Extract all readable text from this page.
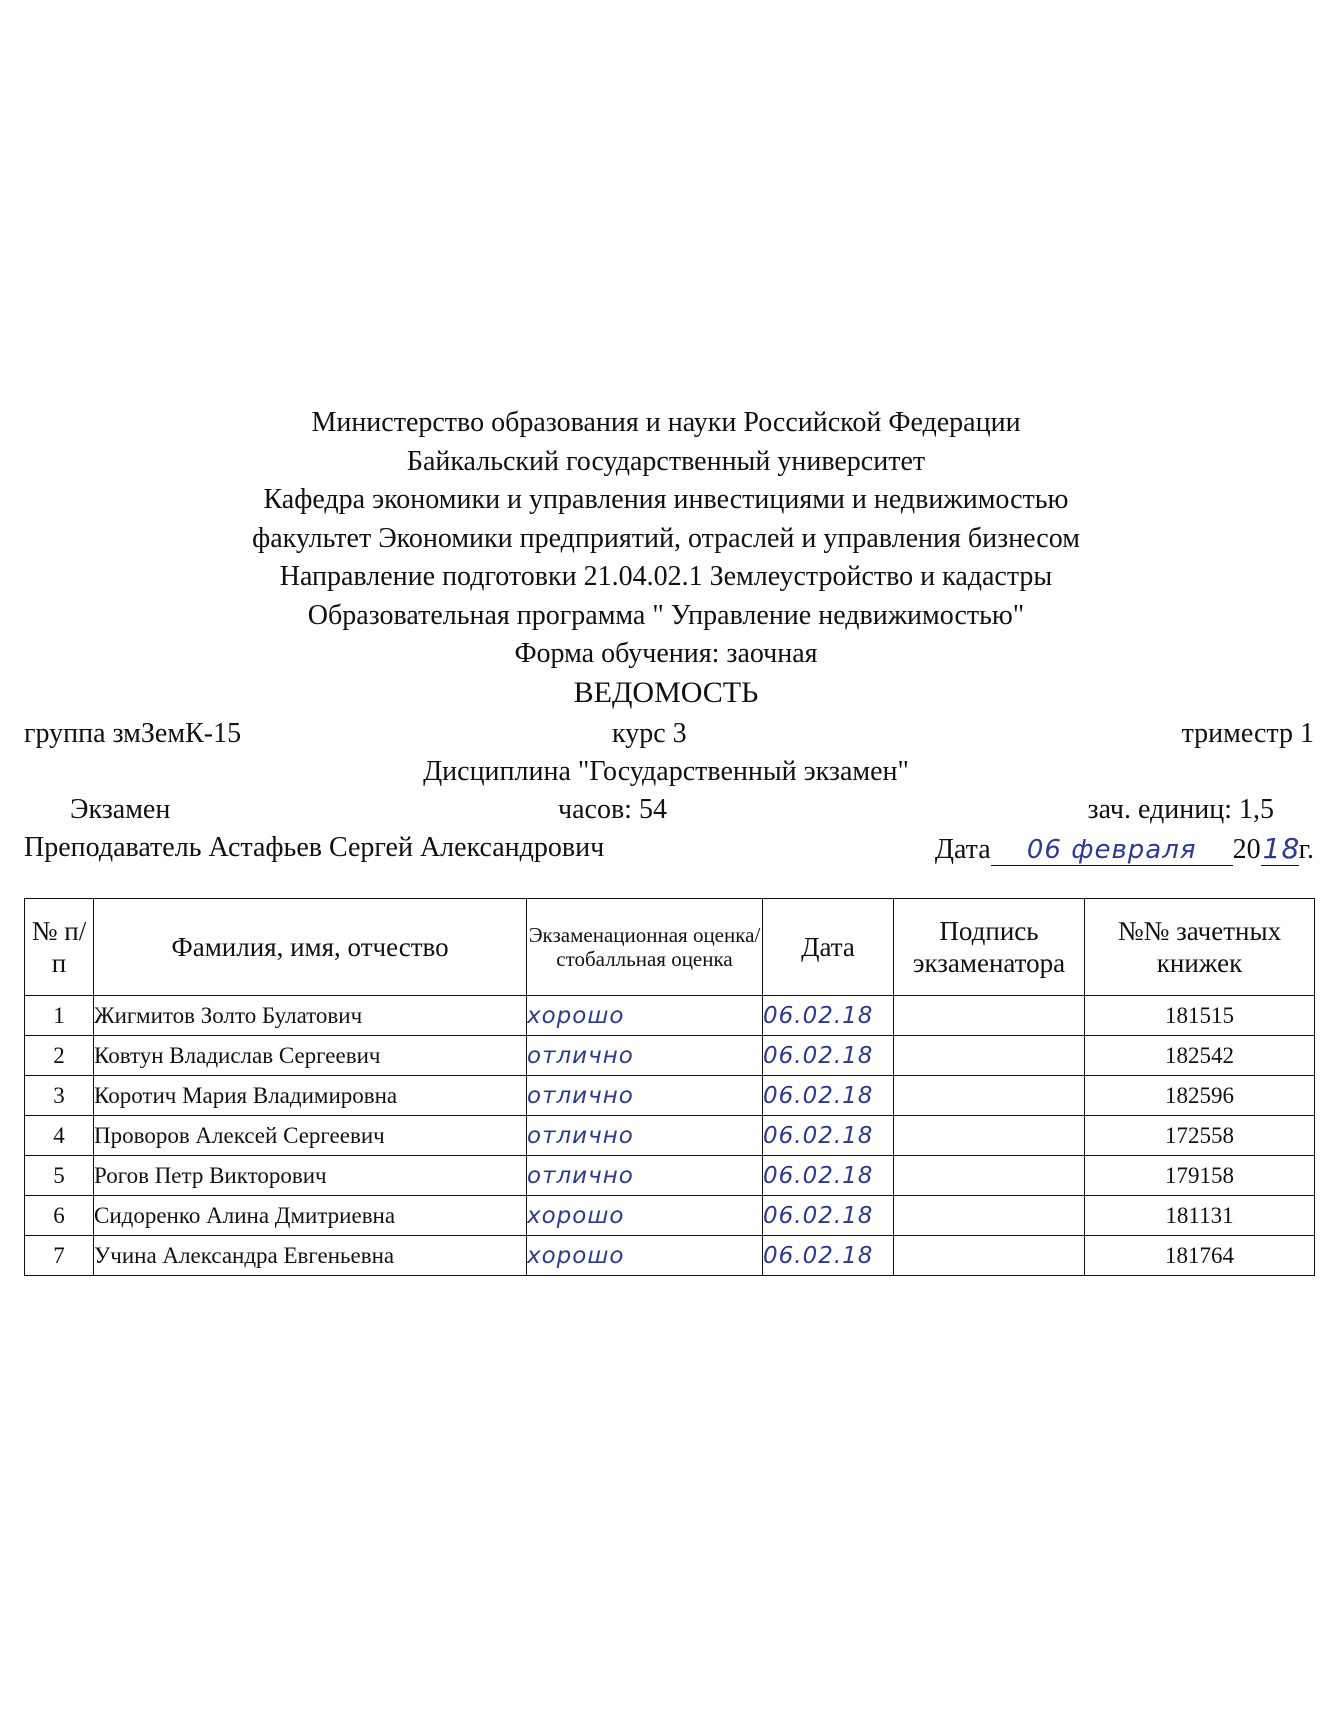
Министерство образования и науки Российской Федерации
Байкальский государственный университет
Кафедра экономики и управления инвестициями и недвижимостью
факультет Экономики предприятий, отраслей и управления бизнесом
Направление подготовки 21.04.02.1 Землеустройство и кадастры
Образовательная программа " Управление недвижимостью"
Форма обучения: заочная
ВЕДОМОСТЬ
группа змЗемК-15	курс 3	триместр 1
Дисциплина "Государственный экзамен"
Экзамен	часов: 54	зач. единиц: 1,5
Преподаватель Астафьев Сергей Александрович	Дата 06 февраля 2018г.
№ п/п	Фамилия, имя, отчество	Экзаменационная оценка/стобалльная оценка	Дата	Подпись экзаменатора	№№ зачетных книжек
1	Жигмитов Золто Булатович	хорошо	06.02.18		181515
2	Ковтун Владислав Сергеевич	отлично	06.02.18		182542
3	Коротич Мария Владимировна	отлично	06.02.18		182596
4	Проворов Алексей Сергеевич	отлично	06.02.18		172558
5	Рогов Петр Викторович	отлично	06.02.18		179158
6	Сидоренко Алина Дмитриевна	хорошо	06.02.18		181131
7	Учина Александра Евгеньевна	хорошо	06.02.18		181764
